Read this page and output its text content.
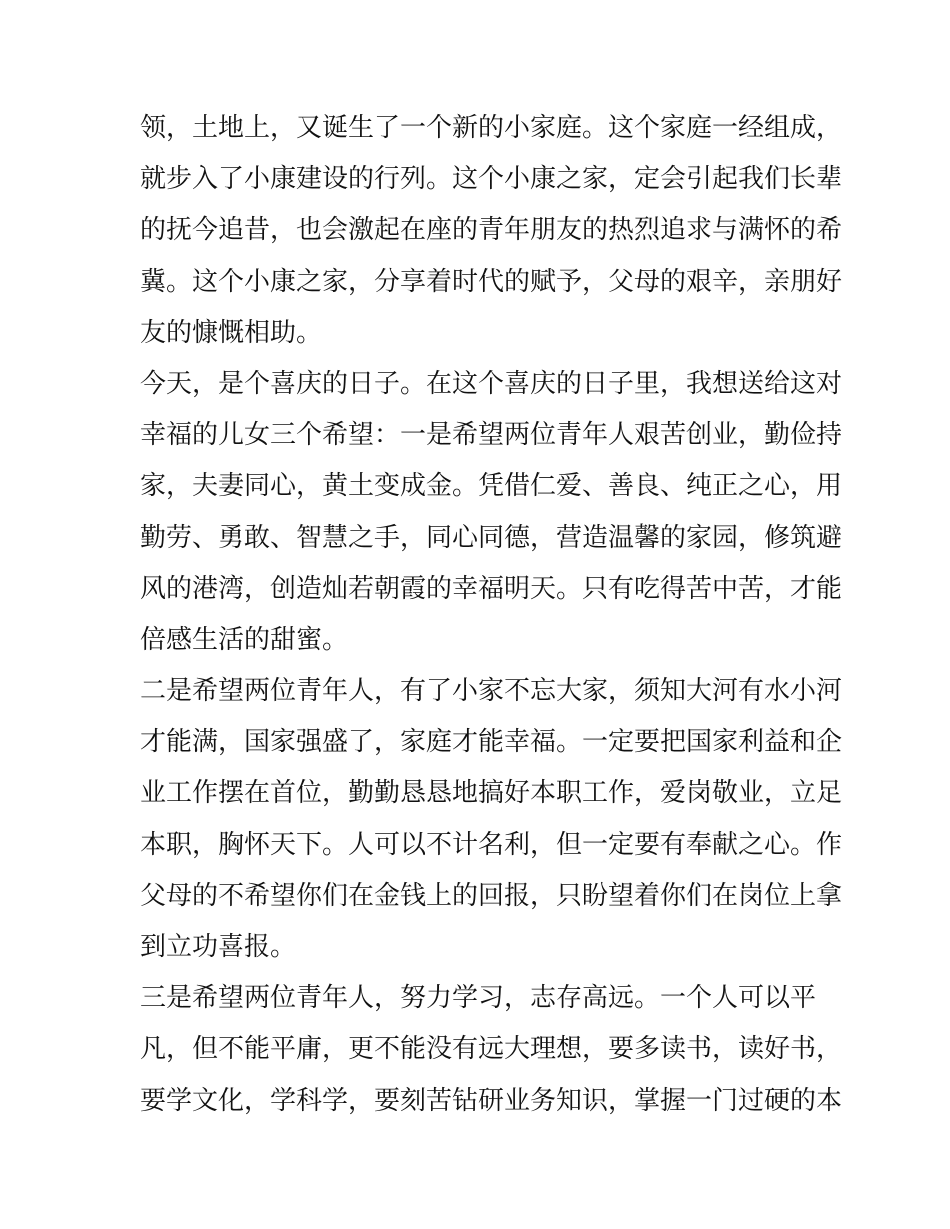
领，土地上，又诞生了一个新的小家庭。这个家庭一经组成，
就步入了小康建设的行列。这个小康之家，定会引起我们长辈
的抚今追昔，也会激起在座的青年朋友的热烈追求与满怀的希
冀。这个小康之家，分享着时代的赋予，父母的艰辛，亲朋好
友的慷慨相助。
今天，是个喜庆的日子。在这个喜庆的日子里，我想送给这对
幸福的儿女三个希望：一是希望两位青年人艰苦创业，勤俭持
家，夫妻同心，黄土变成金。凭借仁爱、善良、纯正之心，用
勤劳、勇敢、智慧之手，同心同德，营造温馨的家园，修筑避
风的港湾，创造灿若朝霞的幸福明天。只有吃得苦中苦，才能
倍感生活的甜蜜。
二是希望两位青年人，有了小家不忘大家，须知大河有水小河
才能满，国家强盛了，家庭才能幸福。一定要把国家利益和企
业工作摆在首位，勤勤恳恳地搞好本职工作，爱岗敬业，立足
本职，胸怀天下。人可以不计名利，但一定要有奉献之心。作
父母的不希望你们在金钱上的回报，只盼望着你们在岗位上拿
到立功喜报。
三是希望两位青年人，努力学习，志存高远。一个人可以平
凡，但不能平庸，更不能没有远大理想，要多读书，读好书，
要学文化，学科学，要刻苦钻研业务知识，掌握一门过硬的本
